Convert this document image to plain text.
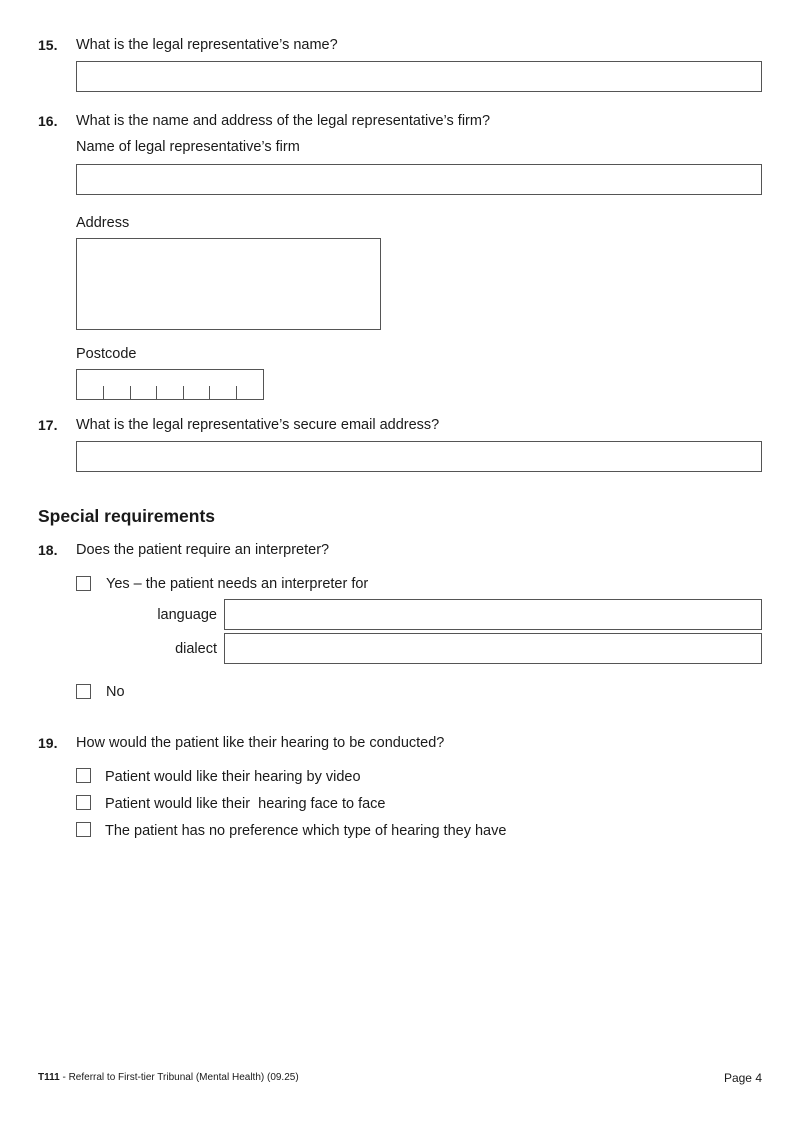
15. What is the legal representative’s name?
16. What is the name and address of the legal representative’s firm?
Name of legal representative’s firm
Address
Postcode
17. What is the legal representative’s secure email address?
Special requirements
18. Does the patient require an interpreter?
Yes – the patient needs an interpreter for
language
dialect
No
19. How would the patient like their hearing to be conducted?
Patient would like their hearing by video
Patient would like their  hearing face to face
The patient has no preference which type of hearing they have
T111 - Referral to First-tier Tribunal (Mental Health) (09.25)	Page 4
